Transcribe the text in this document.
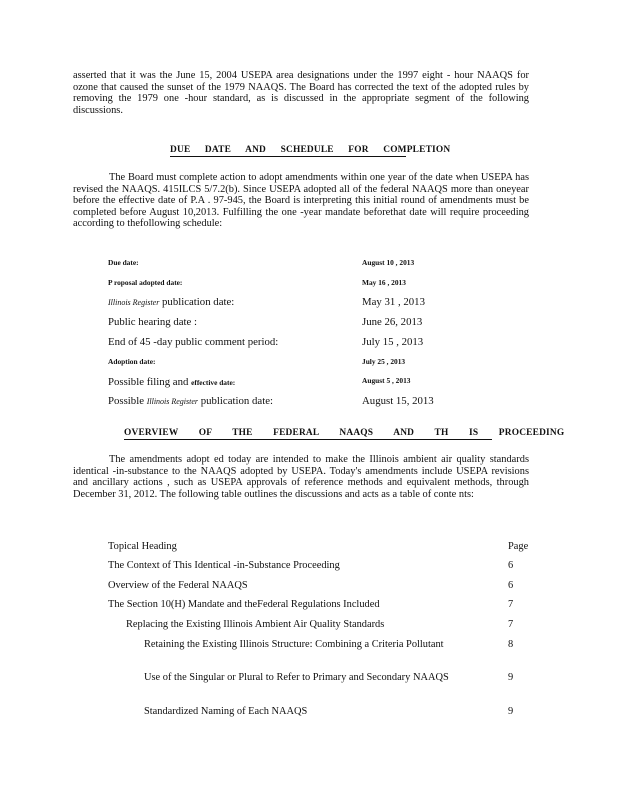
asserted that it was the June 15, 2004 USEPA area designations under the 1997 eight - hour NAAQS for ozone that caused the sunset of the 1979 NAAQS. The Board has corrected the text of the adopted rules by removing the 1979 one -hour standard, as is discussed in the appropriate segment of the following discussions.

DUE DATE AND SCHEDULE FOR COMPLETION

The Board must complete action to adopt amendments within one year of the date when USEPA has revised the NAAQS. 415ILCS 5/7.2(b). Since USEPA adopted all of the federal NAAQS more than oneyear before the effective date of P.A . 97-945, the Board is interpreting this initial round of amendments must be completed before August 10,2013. Fulfilling the one -year mandate beforethat date will require proceeding according to thefollowing schedule:

Due date:	August 10 , 2013
P roposal adopted date:	May 16 , 2013
Illinois Register publication date:	May 31 , 2013
Public hearing date :	June 26, 2013
End of 45 -day public comment period:	July 15 , 2013
Adoption date:	July 25 , 2013
Possible filing and effective date:	August 5 , 2013
Possible Illinois Register publication date:	August 15, 2013
OVERVIEW OF THE FEDERAL NAAQS AND TH IS PROCEEDING

The amendments adopt ed today are intended to make the Illinois ambient air quality standards identical -in-substance to the NAAQS adopted by USEPA. Today's amendments include USEPA revisions and ancillary actions , such as USEPA approvals of reference methods and equivalent methods, through December 31, 2012. The following table outlines the discussions and acts as a table of conte nts:

Topical Heading	Page
The Context of This Identical -in-Substance Proceeding	6
Overview of the Federal NAAQS	6
The Section 10(H) Mandate and theFederal Regulations Included	7
Replacing the Existing Illinois Ambient Air Quality Standards	7
Retaining the Existing Illinois Structure: Combining a Criteria Pollutant	8
Use of the Singular or Plural to Refer to Primary and Secondary NAAQS	9
Standardized Naming of Each NAAQS	9
